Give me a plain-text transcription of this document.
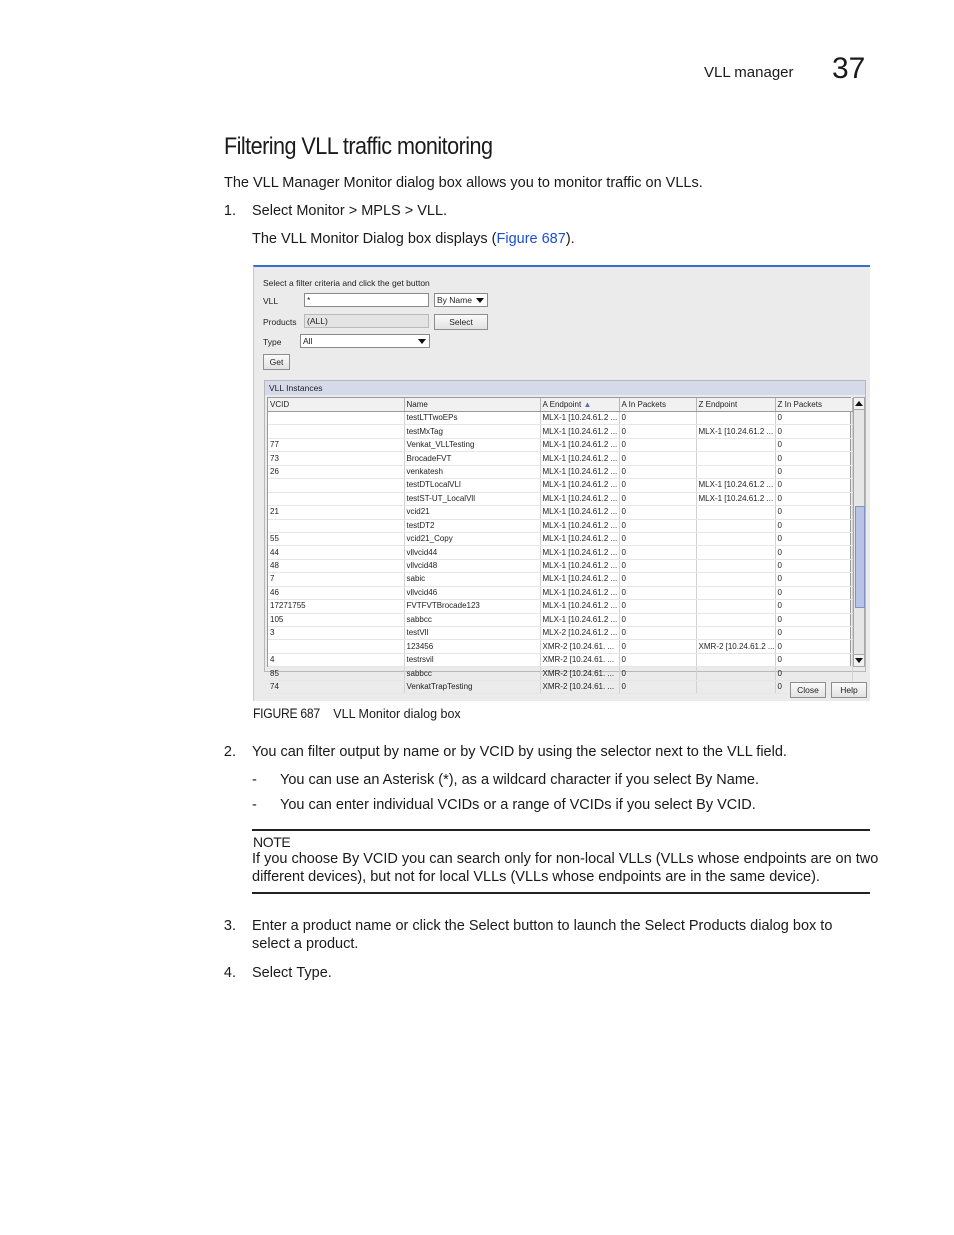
VLL manager 37
Filtering VLL traffic monitoring
The VLL Manager Monitor dialog box allows you to monitor traffic on VLLs.
1. Select Monitor > MPLS > VLL.
The VLL Monitor Dialog box displays (Figure 687).
Select a filter criteria and click the get button
VLL	*	By Name
Products	(ALL)	Select
Type	All
Get
VLL Instances
VCID	Name	A Endpoint ▲	A In Packets	Z Endpoint	Z In Packets
	testLTTwoEPs	MLX-1 [10.24.61.2 ...	0		0
	testMxTag	MLX-1 [10.24.61.2 ...	0	MLX-1 [10.24.61.2 ...	0
77	Venkat_VLLTesting	MLX-1 [10.24.61.2 ...	0		0
73	BrocadeFVT	MLX-1 [10.24.61.2 ...	0		0
26	venkatesh	MLX-1 [10.24.61.2 ...	0		0
	testDTLocalVLl	MLX-1 [10.24.61.2 ...	0	MLX-1 [10.24.61.2 ...	0
	testST-UT_LocalVll	MLX-1 [10.24.61.2 ...	0	MLX-1 [10.24.61.2 ...	0
21	vcid21	MLX-1 [10.24.61.2 ...	0		0
	testDT2	MLX-1 [10.24.61.2 ...	0		0
55	vcid21_Copy	MLX-1 [10.24.61.2 ...	0		0
44	vllvcid44	MLX-1 [10.24.61.2 ...	0		0
48	vllvcid48	MLX-1 [10.24.61.2 ...	0		0
7	sabic	MLX-1 [10.24.61.2 ...	0		0
46	vllvcid46	MLX-1 [10.24.61.2 ...	0		0
17271755	FVTFVTBrocade123	MLX-1 [10.24.61.2 ...	0		0
105	sabbcc	MLX-1 [10.24.61.2 ...	0		0
3	testVll	MLX-2 [10.24.61.2 ...	0		0
	123456	XMR-2 [10.24.61. ...	0	XMR-2 [10.24.61.2 ...	0
4	testrsvil	XMR-2 [10.24.61. ...	0		0
85	sabbcc	XMR-2 [10.24.61. ...	0		0
74	VenkatTrapTesting	XMR-2 [10.24.61. ...	0		0	Close	Help
FIGURE 687 VLL Monitor dialog box
2. You can filter output by name or by VCID by using the selector next to the VLL field.
- You can use an Asterisk (*), as a wildcard character if you select By Name.
- You can enter individual VCIDs or a range of VCIDs if you select By VCID.
NOTE
If you choose By VCID you can search only for non-local VLLs (VLLs whose endpoints are on two
different devices), but not for local VLLs (VLLs whose endpoints are in the same device).
3. Enter a product name or click the Select button to launch the Select Products dialog box to
select a product.
4. Select Type.
